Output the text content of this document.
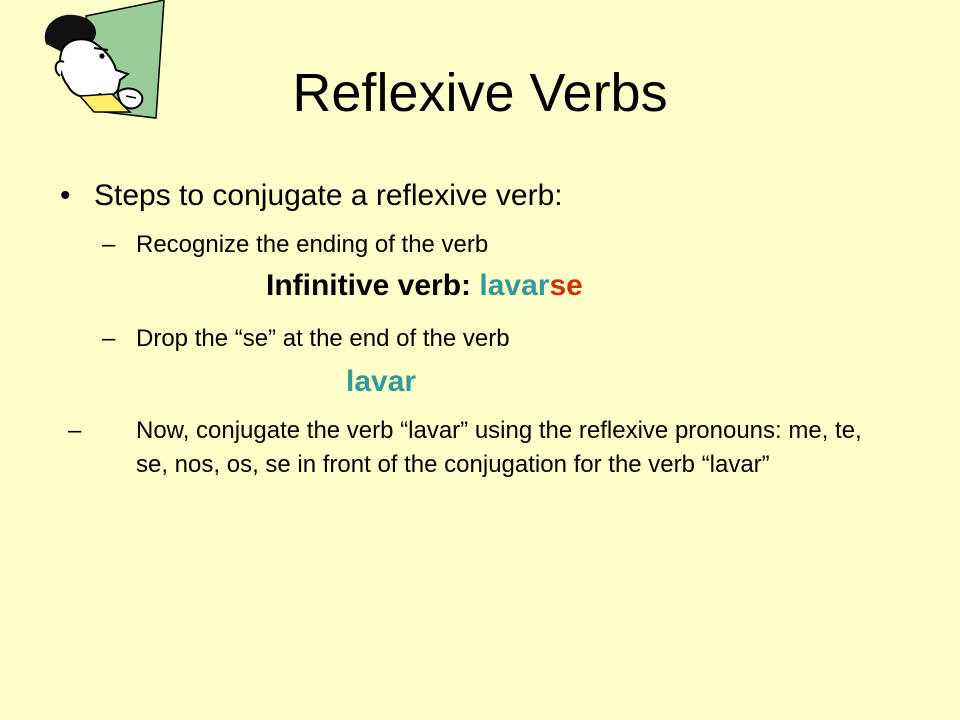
Reflexive Verbs
• Steps to conjugate a reflexive verb:
– Recognize the ending of the verb
Infinitive verb: lavarse
– Drop the “se” at the end of the verb
lavar
– Now, conjugate the verb “lavar” using the reflexive pronouns: me, te, se, nos, os, se in front of the conjugation for the verb “lavar”
